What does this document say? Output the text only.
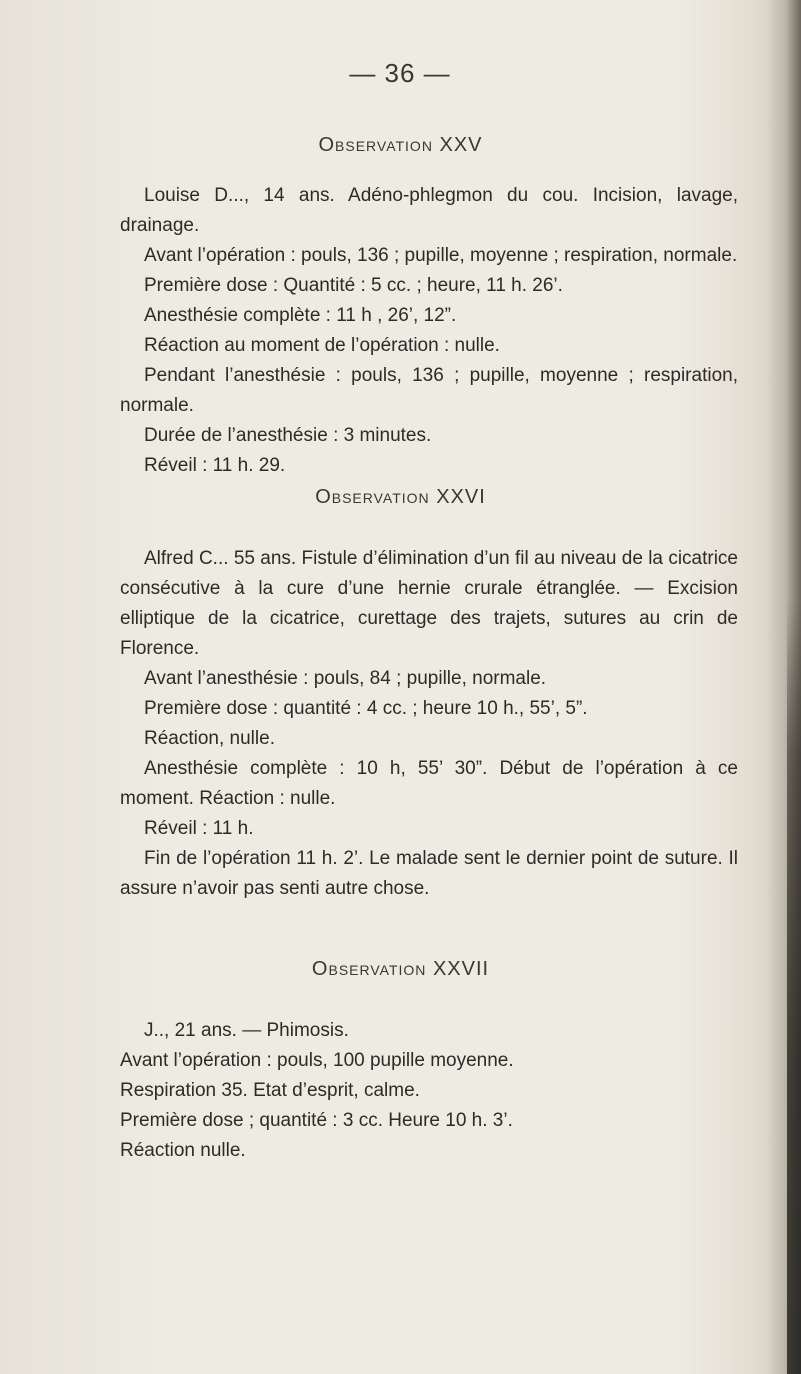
— 36 —
Observation XXV

Louise D..., 14 ans. Adéno-phlegmon du cou. Incision, lavage, drainage.

Avant l’opération : pouls, 136 ; pupille, moyenne ; respiration, normale.

Première dose : Quantité : 5 cc. ; heure, 11 h. 26’.

Anesthésie complète : 11 h , 26’, 12”.

Réaction au moment de l’opération : nulle.

Pendant l’anesthésie : pouls, 136 ; pupille, moyenne ; respiration, normale.

Durée de l’anesthésie : 3 minutes.

Réveil : 11 h. 29.

Observation XXVI

Alfred C... 55 ans. Fistule d’élimination d’un fil au niveau de la cicatrice consécutive à la cure d’une hernie crurale étranglée. — Excision elliptique de la cicatrice, curettage des trajets, sutures au crin de Florence.

Avant l’anesthésie : pouls, 84 ; pupille, normale.

Première dose : quantité : 4 cc. ; heure 10 h., 55’, 5”.

Réaction, nulle.

Anesthésie complète : 10 h, 55’ 30”. Début de l’opération à ce moment. Réaction : nulle.

Réveil : 11 h.

Fin de l’opération 11 h. 2’. Le malade sent le dernier point de suture. Il assure n’avoir pas senti autre chose.

Observation XXVII

J.., 21 ans. — Phimosis.

Avant l’opération : pouls, 100 pupille moyenne.

Respiration 35. Etat d’esprit, calme.

Première dose ; quantité : 3 cc. Heure 10 h. 3’.

Réaction nulle.
